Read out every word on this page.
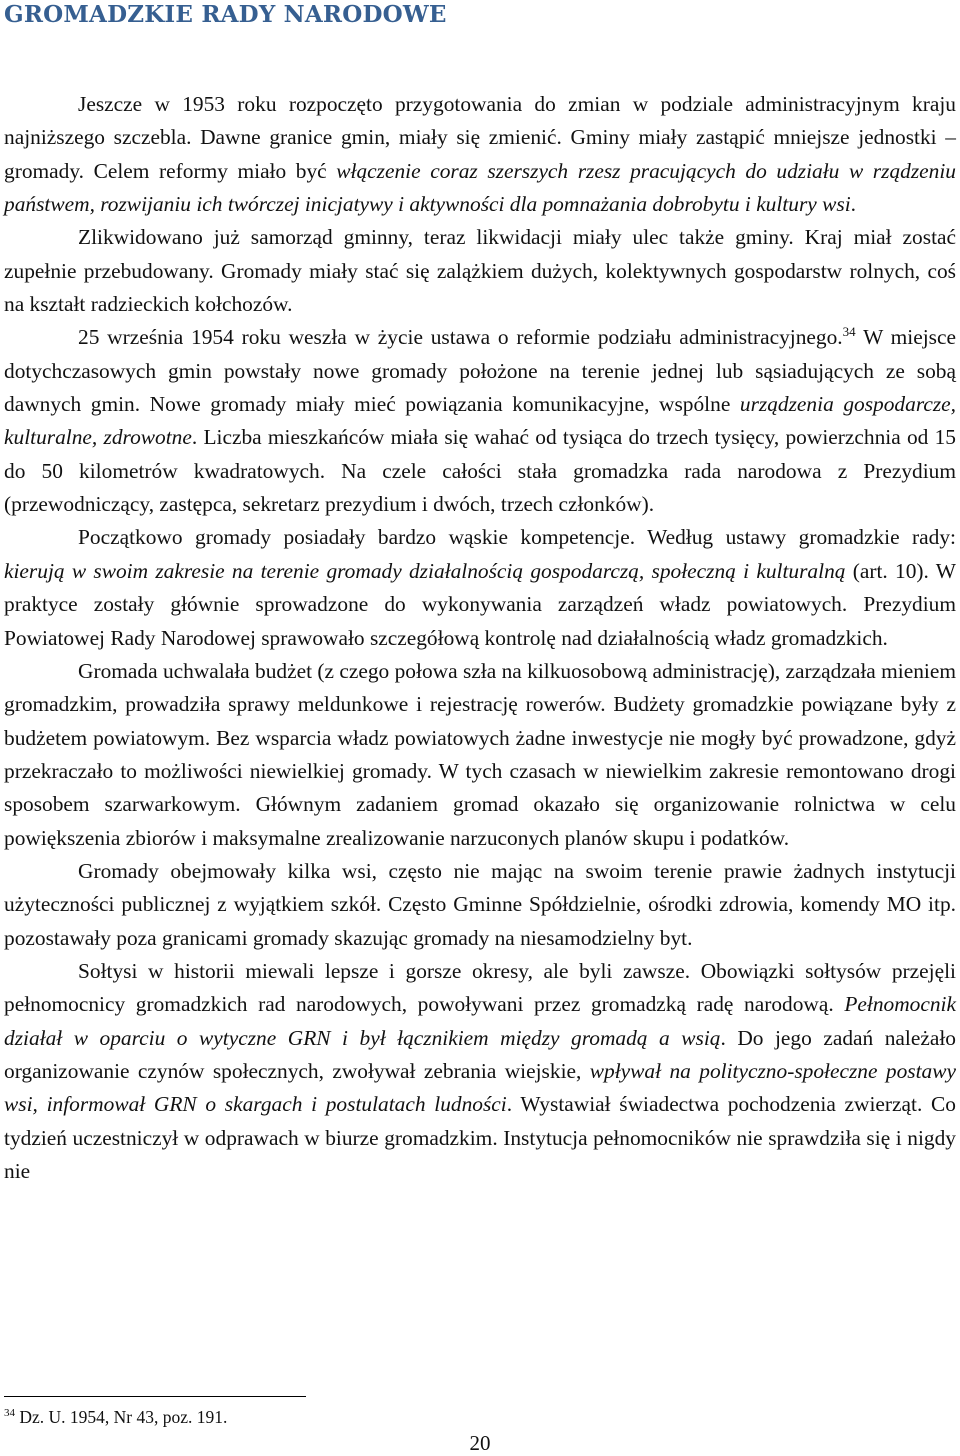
GROMADZKIE RADY NARODOWE

Jeszcze w 1953 roku rozpoczęto przygotowania do zmian w podziale administracyjnym kraju najniższego szczebla. Dawne granice gmin, miały się zmienić. Gminy miały zastąpić mniejsze jednostki – gromady. Celem reformy miało być włączenie coraz szerszych rzesz pracujących do udziału w rządzeniu państwem, rozwijaniu ich twórczej inicjatywy i aktywności dla pomnażania dobrobytu i kultury wsi.

Zlikwidowano już samorząd gminny, teraz likwidacji miały ulec także gminy. Kraj miał zostać zupełnie przebudowany. Gromady miały stać się zalążkiem dużych, kolektywnych gospodarstw rolnych, coś na kształt radzieckich kołchozów.

25 września 1954 roku weszła w życie ustawa o reformie podziału administracyjnego.$^{34}$ W miejsce dotychczasowych gmin powstały nowe gromady położone na terenie jednej lub sąsiadujących ze sobą dawnych gmin. Nowe gromady miały mieć powiązania komunikacyjne, wspólne urządzenia gospodarcze, kulturalne, zdrowotne. Liczba mieszkańców miała się wahać od tysiąca do trzech tysięcy, powierzchnia od 15 do 50 kilometrów kwadratowych. Na czele całości stała gromadzka rada narodowa z Prezydium (przewodniczący, zastępca, sekretarz prezydium i dwóch, trzech członków).

Początkowo gromady posiadały bardzo wąskie kompetencje. Według ustawy gromadzkie rady: kierują w swoim zakresie na terenie gromady działalnością gospodarczą, społeczną i kulturalną (art. 10). W praktyce zostały głównie sprowadzone do wykonywania zarządzeń władz powiatowych. Prezydium Powiatowej Rady Narodowej sprawowało szczegółową kontrolę nad działalnością władz gromadzkich.

Gromada uchwalała budżet (z czego połowa szła na kilkuosobową administrację), zarządzała mieniem gromadzkim, prowadziła sprawy meldunkowe i rejestrację rowerów. Budżety gromadzkie powiązane były z budżetem powiatowym. Bez wsparcia władz powiatowych żadne inwestycje nie mogły być prowadzone, gdyż przekraczało to możliwości niewielkiej gromady. W tych czasach w niewielkim zakresie remontowano drogi sposobem szarwarkowym. Głównym zadaniem gromad okazało się organizowanie rolnictwa w celu powiększenia zbiorów i maksymalne zrealizowanie narzuconych planów skupu i podatków.

Gromady obejmowały kilka wsi, często nie mając na swoim terenie prawie żadnych instytucji użyteczności publicznej z wyjątkiem szkół. Często Gminne Spółdzielnie, ośrodki zdrowia, komendy MO itp. pozostawały poza granicami gromady skazując gromady na niesamodzielny byt.

Sołtysi w historii miewali lepsze i gorsze okresy, ale byli zawsze. Obowiązki sołtysów przejęli pełnomocnicy gromadzkich rad narodowych, powoływani przez gromadzką radę narodową. Pełnomocnik działał w oparciu o wytyczne GRN i był łącznikiem między gromadą a wsią. Do jego zadań należało organizowanie czynów społecznych, zwoływał zebrania wiejskie, wpływał na polityczno-społeczne postawy wsi, informował GRN o skargach i postulatach ludności. Wystawiał świadectwa pochodzenia zwierząt. Co tydzień uczestniczył w odprawach w biurze gromadzkim. Instytucja pełnomocników nie sprawdziła się i nigdy nie

$^{34}$ Dz. U. 1954, Nr 43, poz. 191.
20
